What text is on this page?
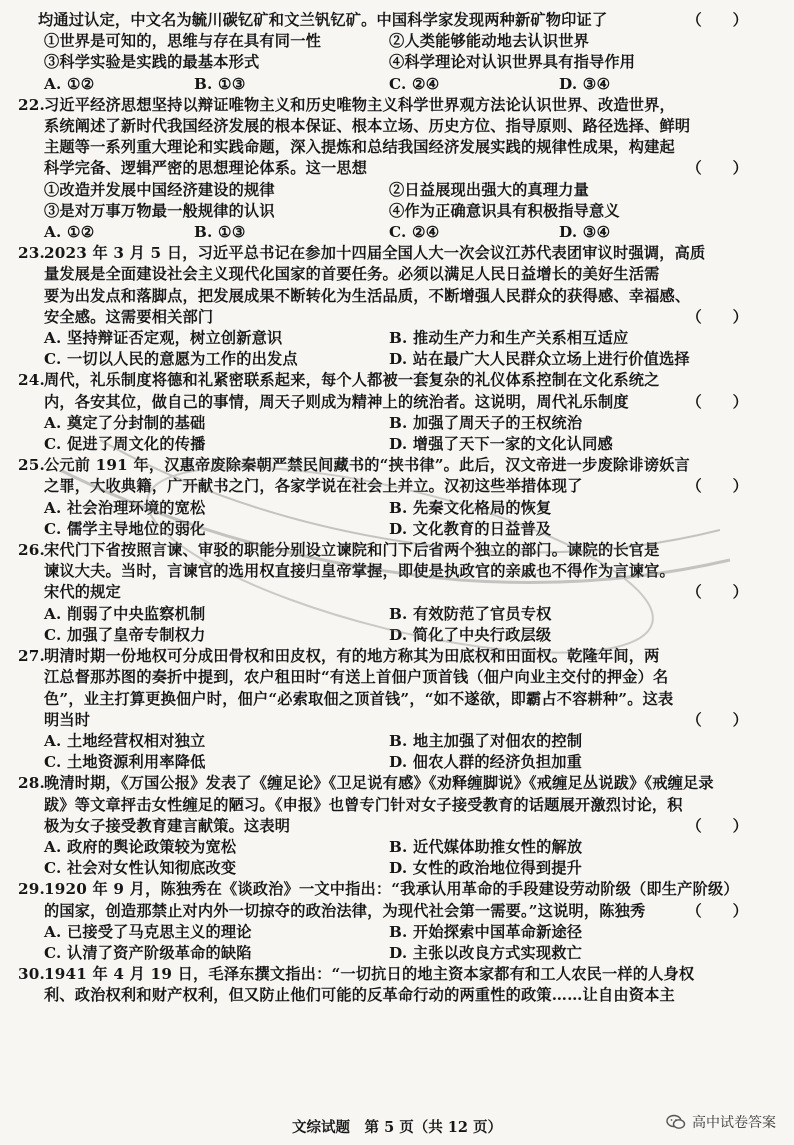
均通过认定，中文名为毓川碳钇矿和文兰钒钇矿。中国科学家发现两种新矿物印证了	（　　）
①世界是可知的，思维与存在具有同一性	②人类能够能动地去认识世界
③科学实验是实践的最基本形式	④科学理论对认识世界具有指导作用
A. ①②	B. ①③	C. ②④	D. ③④
22.
习近平经济思想坚持以辩证唯物主义和历史唯物主义科学世界观方法论认识世界、改造世界，
系统阐述了新时代我国经济发展的根本保证、根本立场、历史方位、指导原则、路径选择、鲜明
主题等一系列重大理论和实践命题，深入提炼和总结我国经济发展实践的规律性成果，构建起
科学完备、逻辑严密的思想理论体系。这一思想	（　　）
①改造并发展中国经济建设的规律	②日益展现出强大的真理力量
③是对万事万物最一般规律的认识	④作为正确意识具有积极指导意义
A. ①②	B. ①③	C. ②④	D. ③④
23.
2023 年 3 月 5 日，习近平总书记在参加十四届全国人大一次会议江苏代表团审议时强调，高质
量发展是全面建设社会主义现代化国家的首要任务。必须以满足人民日益增长的美好生活需
要为出发点和落脚点，把发展成果不断转化为生活品质，不断增强人民群众的获得感、幸福感、
安全感。这需要相关部门	（　　）
A. 坚持辩证否定观，树立创新意识	B. 推动生产力和生产关系相互适应
C. 一切以人民的意愿为工作的出发点	D. 站在最广大人民群众立场上进行价值选择
24.
周代，礼乐制度将德和礼紧密联系起来，每个人都被一套复杂的礼仪体系控制在文化系统之
内，各安其位，做自己的事情，周天子则成为精神上的统治者。这说明，周代礼乐制度	（　　）
A. 奠定了分封制的基础	B. 加强了周天子的王权统治
C. 促进了周文化的传播	D. 增强了天下一家的文化认同感
25.
公元前 191 年，汉惠帝废除秦朝严禁民间藏书的“挟书律”。此后，汉文帝进一步废除诽谤妖言
之罪，大收典籍，广开献书之门，各家学说在社会上并立。汉初这些举措体现了	（　　）
A. 社会治理环境的宽松	B. 先秦文化格局的恢复
C. 儒学主导地位的弱化	D. 文化教育的日益普及
26.
宋代门下省按照言谏、审驳的职能分别设立谏院和门下后省两个独立的部门。谏院的长官是
谏议大夫。当时，言谏官的选用权直接归皇帝掌握，即使是执政官的亲戚也不得作为言谏官。
宋代的规定	（　　）
A. 削弱了中央监察机制	B. 有效防范了官员专权
C. 加强了皇帝专制权力	D. 简化了中央行政层级
27.
明清时期一份地权可分成田骨权和田皮权，有的地方称其为田底权和田面权。乾隆年间，两
江总督那苏图的奏折中提到，农户租田时“有送上首佃户顶首钱（佃户向业主交付的押金）名
色”，业主打算更换佃户时，佃户“必索取佃之顶首钱”，“如不遂欲，即霸占不容耕种”。这表
明当时	（　　）
A. 土地经营权相对独立	B. 地主加强了对佃农的控制
C. 土地资源利用率降低	D. 佃农人群的经济负担加重
28.
晚清时期，《万国公报》发表了《缠足论》《卫足说有感》《劝释缠脚说》《戒缠足丛说跋》《戒缠足录
跋》等文章抨击女性缠足的陋习。《申报》也曾专门针对女子接受教育的话题展开激烈讨论，积
极为女子接受教育建言献策。这表明	（　　）
A. 政府的舆论政策较为宽松	B. 近代媒体助推女性的解放
C. 社会对女性认知彻底改变	D. 女性的政治地位得到提升
29.
1920 年 9 月，陈独秀在《谈政治》一文中指出：“我承认用革命的手段建设劳动阶级（即生产阶级）
的国家，创造那禁止对内外一切掠夺的政治法律，为现代社会第一需要。”这说明，陈独秀	（　　）
A. 已接受了马克思主义的理论	B. 开始探索中国革命新途径
C. 认清了资产阶级革命的缺陷	D. 主张以改良方式实现救亡
30.
1941 年 4 月 19 日，毛泽东撰文指出：“一切抗日的地主资本家都有和工人农民一样的人身权
利、政治权利和财产权利，但又防止他们可能的反革命行动的两重性的政策……让自由资本主
文综试题　第 5 页（共 12 页）	高中试卷答案
